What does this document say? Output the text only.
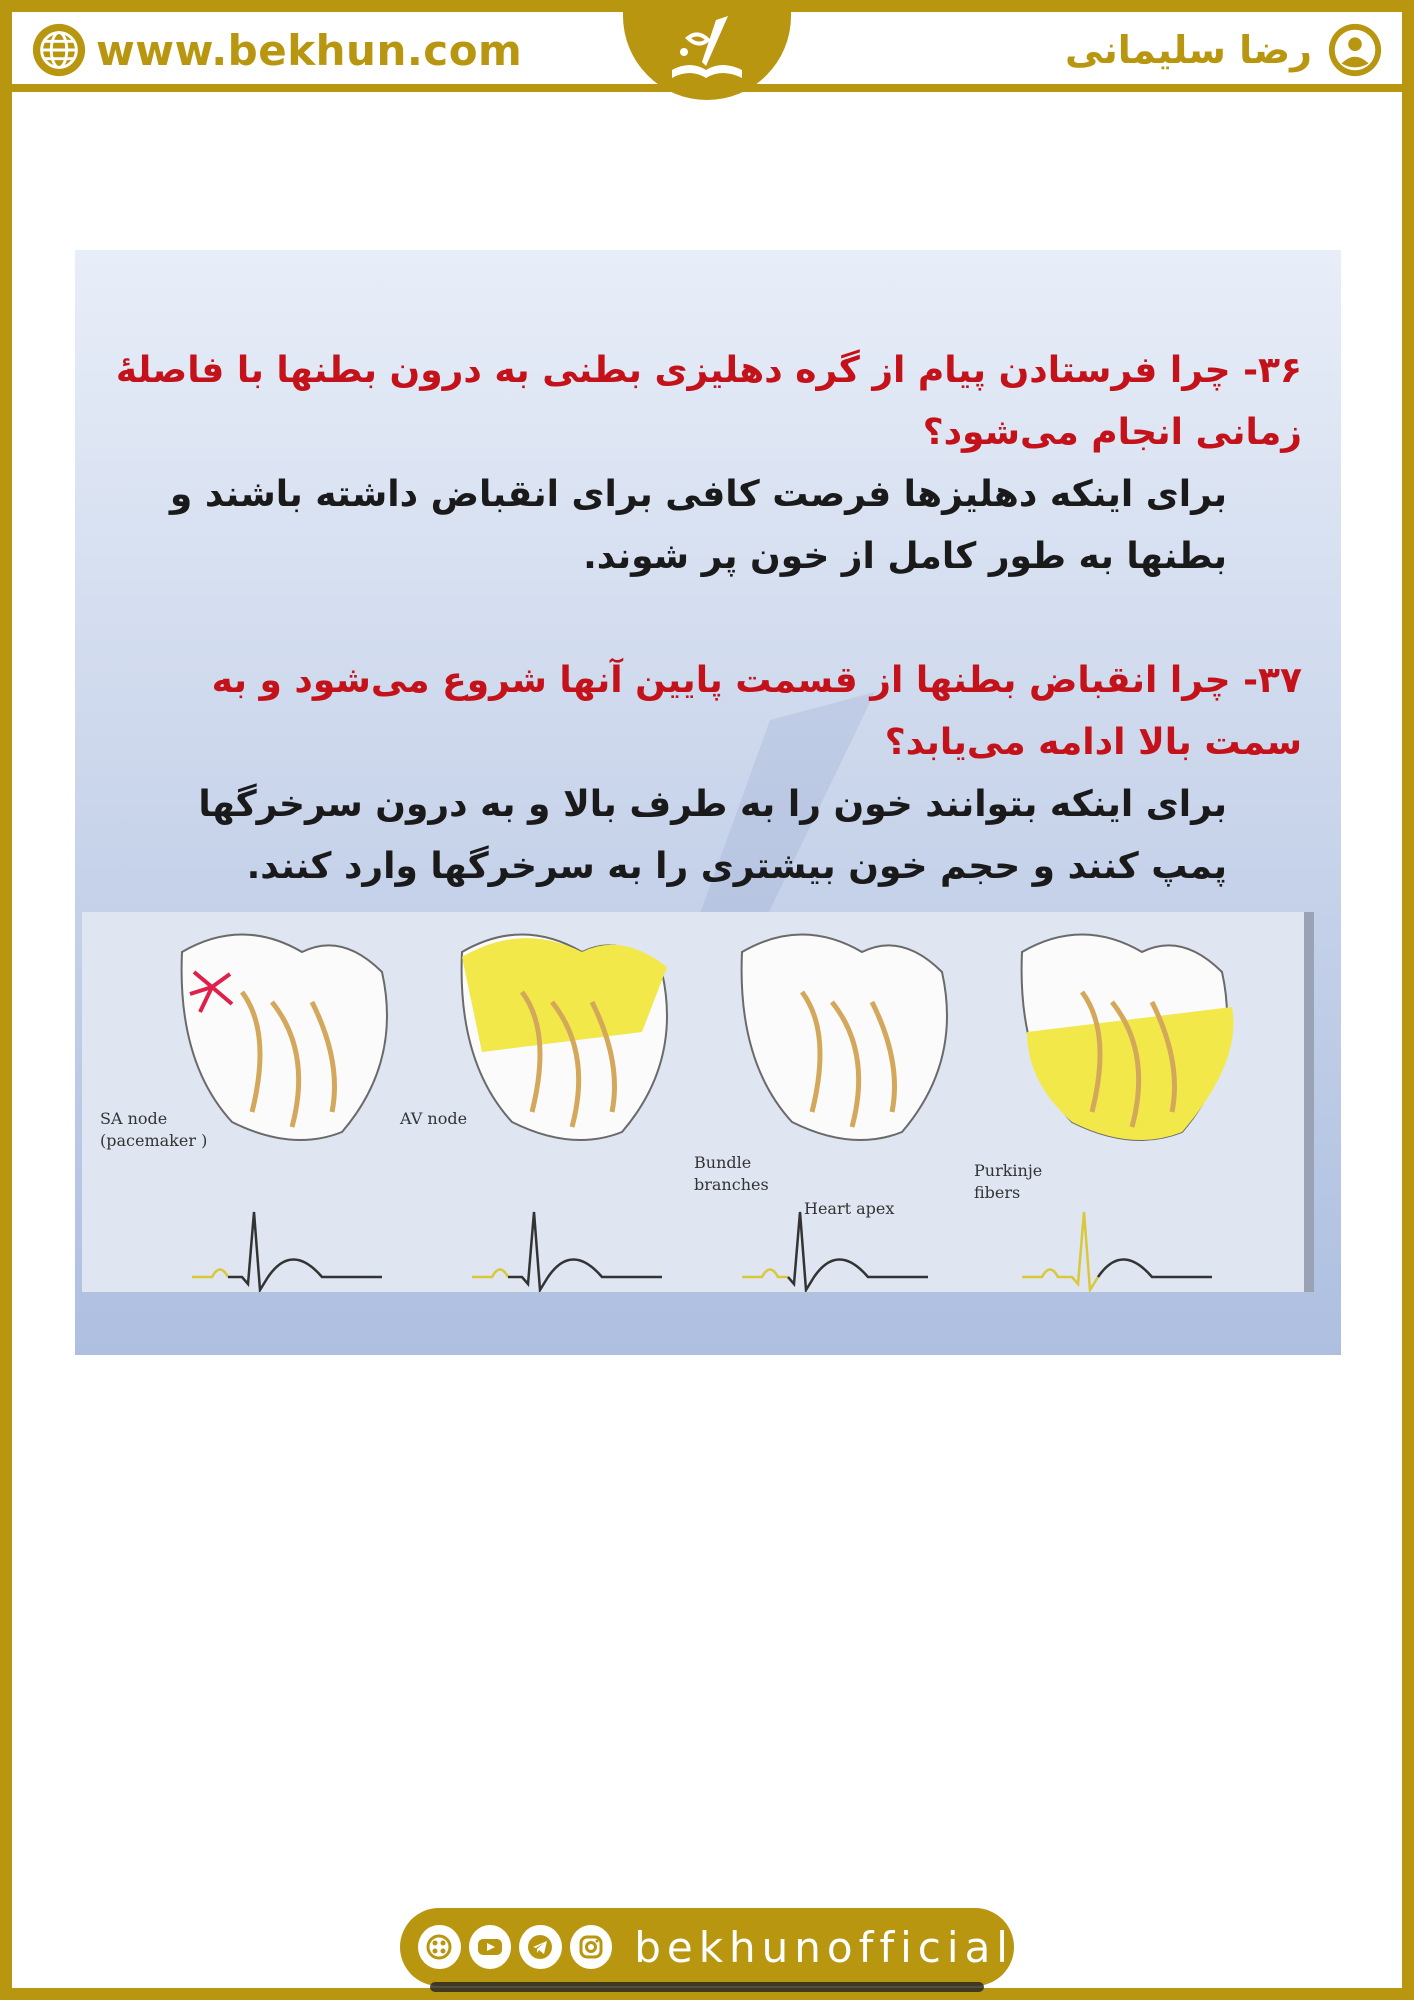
www.bekhun.com	رضا سلیمانی
۳۶- چرا فرستادن پیام از گره دهلیزی بطنی به درون بطنها با فاصلهٔ زمانی انجام می‌شود؟
برای اینکه دهلیزها فرصت کافی برای انقباض داشته باشند و بطنها به طور کامل از خون پر شوند.
۳۷- چرا انقباض بطنها از قسمت پایین آنها شروع می‌شود و به سمت بالا ادامه می‌یابد؟
برای اینکه بتوانند خون را به طرف بالا و به درون سرخرگها پمپ کنند و حجم خون بیشتری را به سرخرگها وارد کنند.
SA node
(pacemaker )
AV node
Bundle
branches
Heart apex
Purkinje
fibers
bekhunofficial
